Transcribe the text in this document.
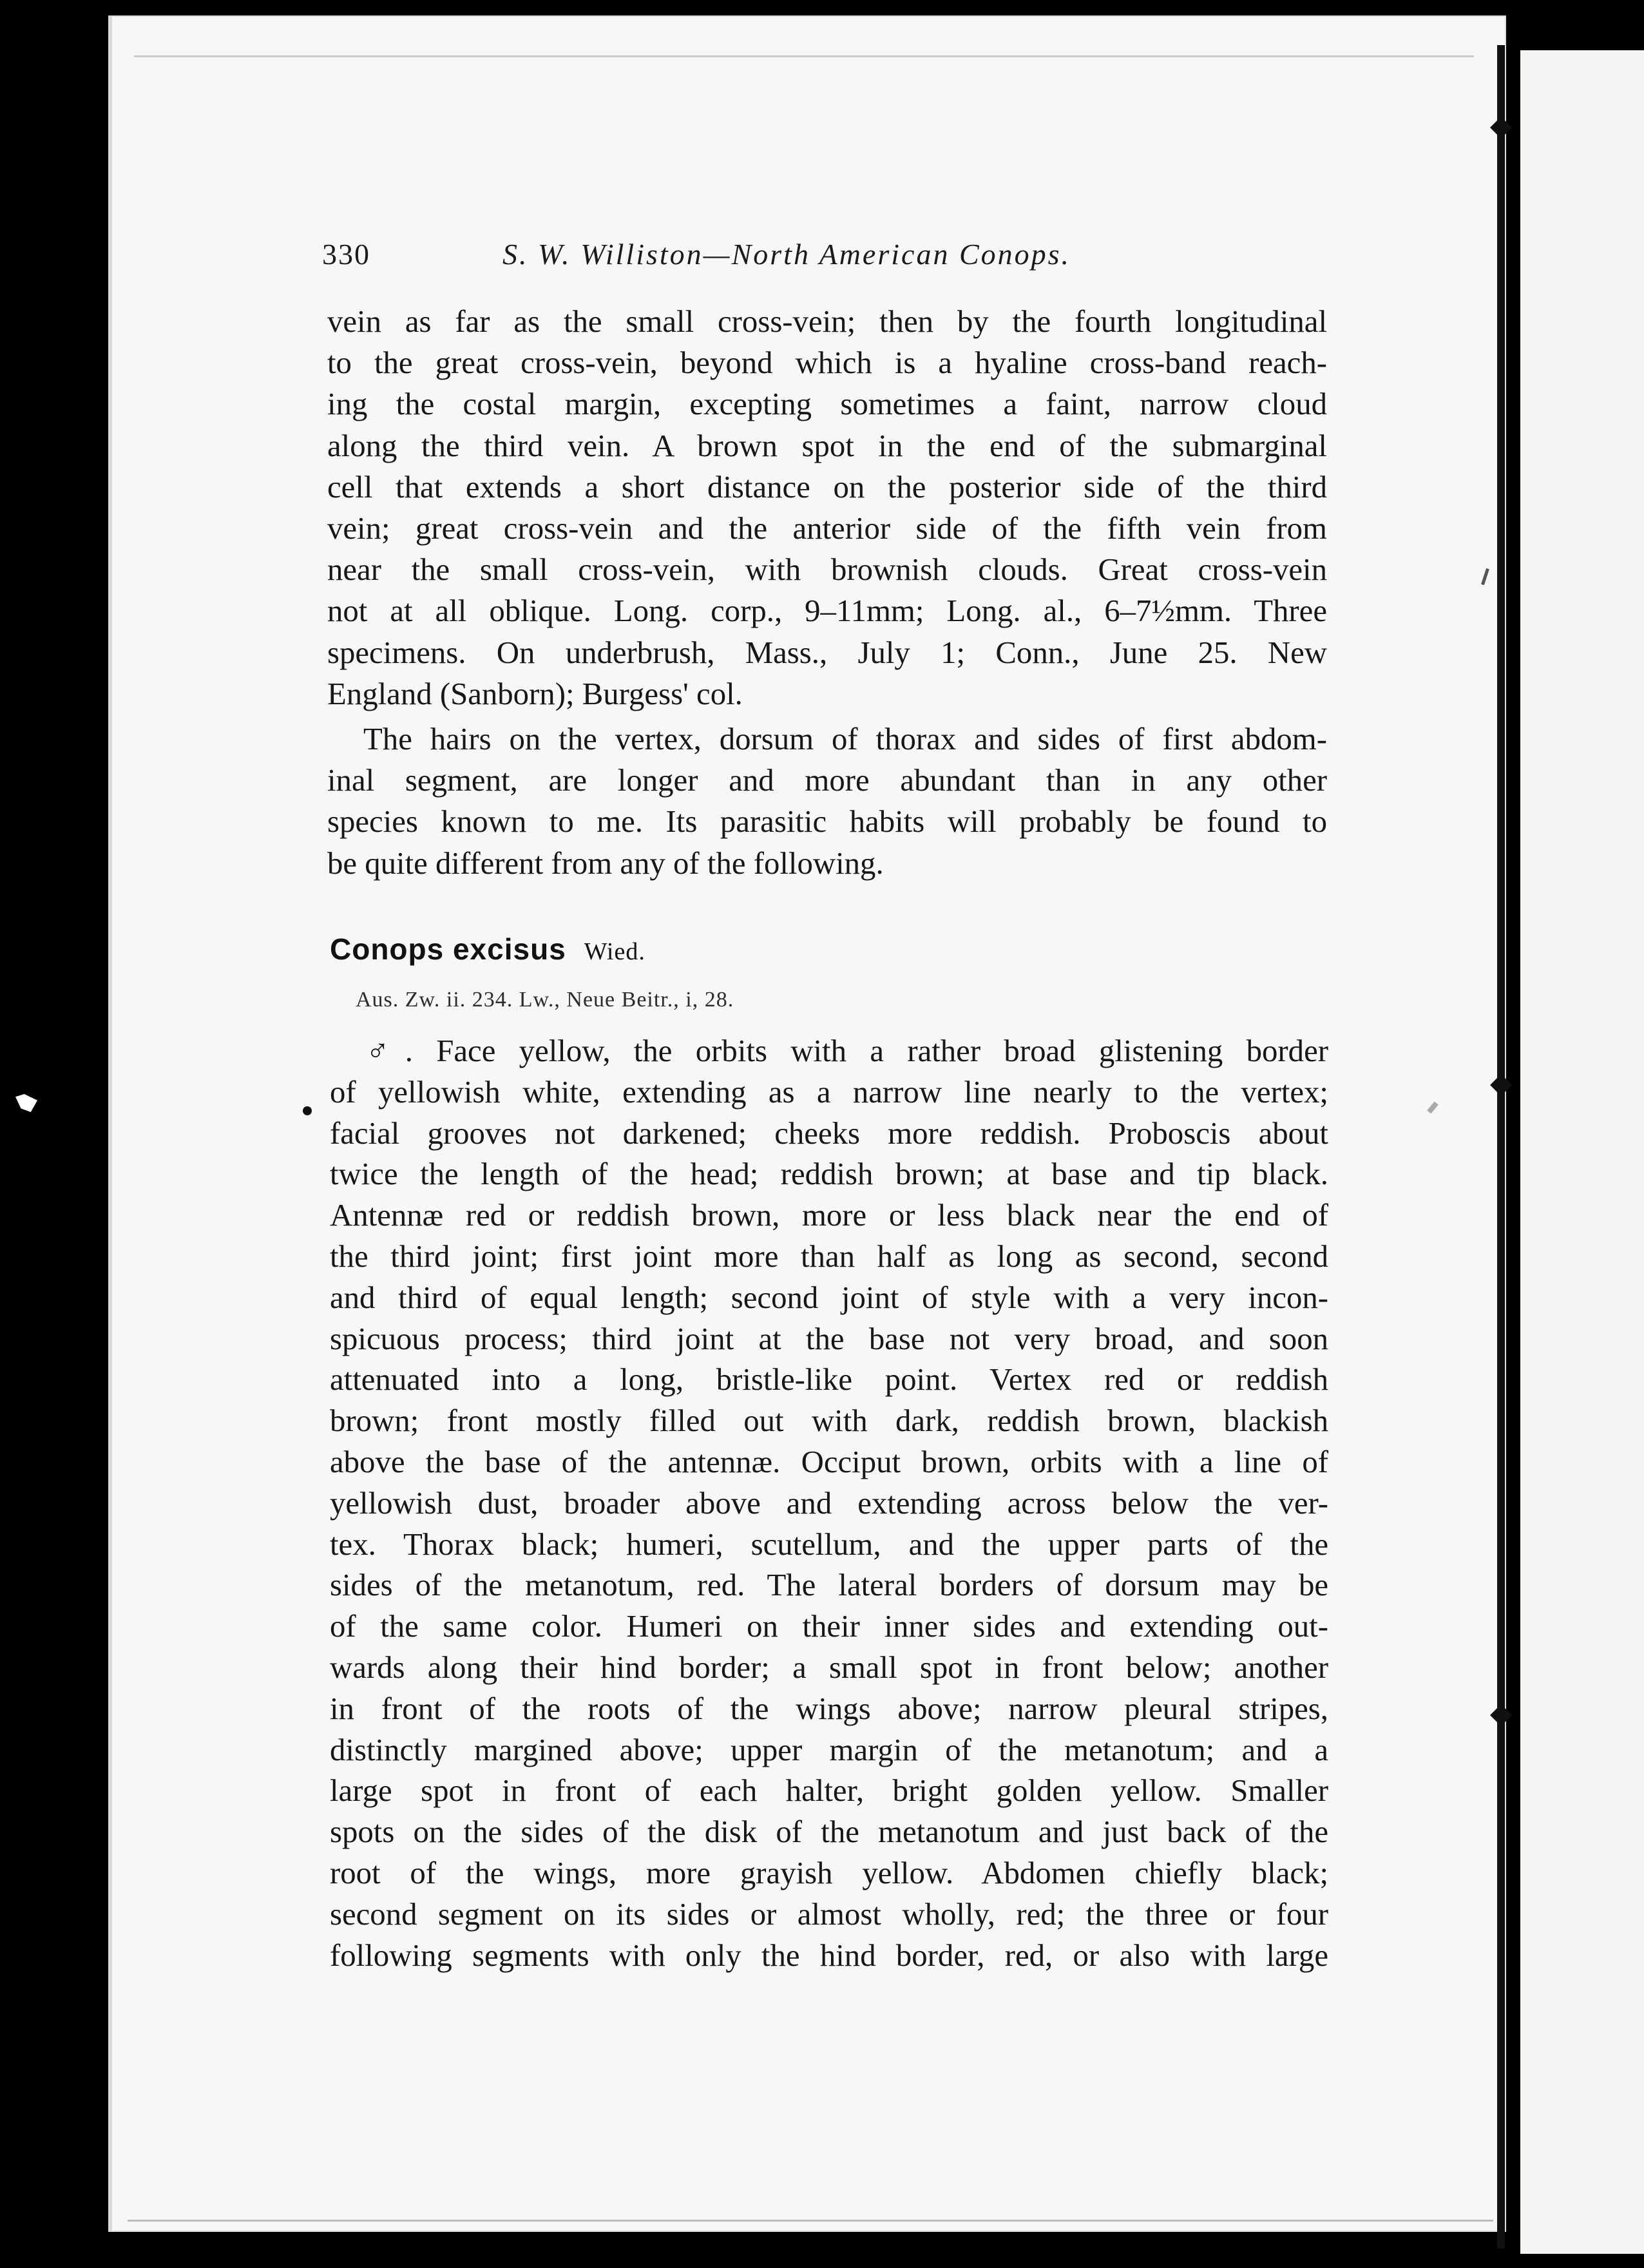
330	S. W. Williston—North American Conops.
vein as far as the small cross-vein; then by the fourth longitudinal
to the great cross-vein, beyond which is a hyaline cross-band reach-
ing the costal margin, excepting sometimes a faint, narrow cloud
along the third vein. A brown spot in the end of the submarginal
cell that extends a short distance on the posterior side of the third
vein; great cross-vein and the anterior side of the fifth vein from
near the small cross-vein, with brownish clouds. Great cross-vein
not at all oblique. Long. corp., 9–11mm; Long. al., 6–7½mm. Three
specimens. On underbrush, Mass., July 1; Conn., June 25. New
England (Sanborn); Burgess' col.
The hairs on the vertex, dorsum of thorax and sides of first abdom-
inal segment, are longer and more abundant than in any other
species known to me. Its parasitic habits will probably be found to
be quite different from any of the following.
Conops excisus Wied.
Aus. Zw. ii. 234. Lw., Neue Beitr., i, 28.
♂. Face yellow, the orbits with a rather broad glistening border
of yellowish white, extending as a narrow line nearly to the vertex;
facial grooves not darkened; cheeks more reddish. Proboscis about
twice the length of the head; reddish brown; at base and tip black.
Antennæ red or reddish brown, more or less black near the end of
the third joint; first joint more than half as long as second, second
and third of equal length; second joint of style with a very incon-
spicuous process; third joint at the base not very broad, and soon
attenuated into a long, bristle-like point. Vertex red or reddish
brown; front mostly filled out with dark, reddish brown, blackish
above the base of the antennæ. Occiput brown, orbits with a line of
yellowish dust, broader above and extending across below the ver-
tex. Thorax black; humeri, scutellum, and the upper parts of the
sides of the metanotum, red. The lateral borders of dorsum may be
of the same color. Humeri on their inner sides and extending out-
wards along their hind border; a small spot in front below; another
in front of the roots of the wings above; narrow pleural stripes,
distinctly margined above; upper margin of the metanotum; and a
large spot in front of each halter, bright golden yellow. Smaller
spots on the sides of the disk of the metanotum and just back of the
root of the wings, more grayish yellow. Abdomen chiefly black;
second segment on its sides or almost wholly, red; the three or four
following segments with only the hind border, red, or also with large
